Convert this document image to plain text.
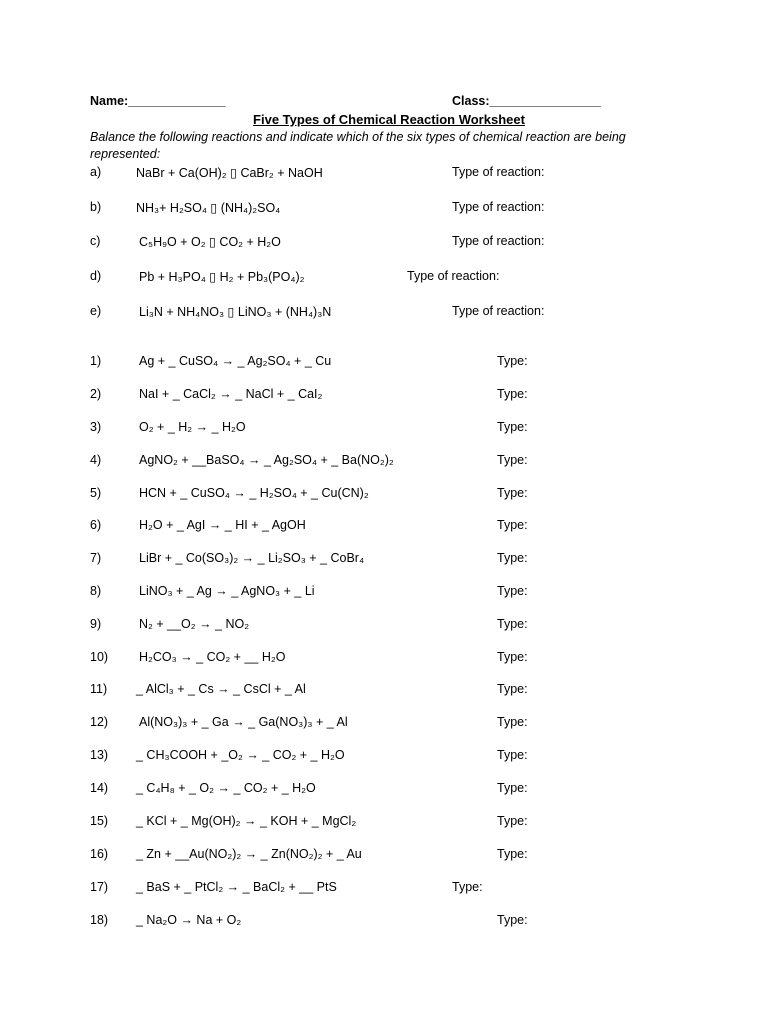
Name:______________	Class:________________
Five Types of Chemical Reaction Worksheet
Balance the following reactions and indicate which of the six types of chemical reaction are being represented:
a)	NaBr + Ca(OH)₂ ▯ CaBr₂ + NaOH	Type of reaction:
b)	NH₃+ H₂SO₄ ▯ (NH₄)₂SO₄	Type of reaction:
c)	C₅H₉O + O₂ ▯ CO₂ + H₂O	Type of reaction:
d)	Pb + H₃PO₄ ▯ H₂ + Pb₃(PO₄)₂	Type of reaction:
e)	Li₃N + NH₄NO₃ ▯ LiNO₃ + (NH₄)₃N	Type of reaction:
1)	Ag + _ CuSO₄ → _ Ag₂SO₄ + _ Cu	Type:
2)	NaI + _ CaCl₂ → _ NaCl + _ CaI₂	Type:
3)	O₂ + _ H₂ → _ H₂O	Type:
4)	AgNO₂ + __BaSO₄ → _ Ag₂SO₄ + _ Ba(NO₂)₂	Type:
5)	HCN + _ CuSO₄ → _ H₂SO₄ + _ Cu(CN)₂	Type:
6)	H₂O + _ AgI → _ HI + _ AgOH	Type:
7)	LiBr + _ Co(SO₃)₂ → _ Li₂SO₃ + _ CoBr₄	Type:
8)	LiNO₃ + _ Ag → _ AgNO₃ + _ Li	Type:
9)	N₂ + __O₂ → _ NO₂	Type:
10) H₂CO₃ → _ CO₂ + __ H₂O	Type:
11) _ AlCl₃ + _ Cs → _ CsCl + _ Al	Type:
12) Al(NO₃)₃ + _ Ga → _ Ga(NO₃)₃ + _ Al	Type:
13) _ CH₃COOH + _O₂ → _ CO₂ + _ H₂O	Type:
14) _ C₄H₈ + _ O₂ → _ CO₂ + _ H₂O	Type:
15) _ KCl + _ Mg(OH)₂ → _ KOH + _ MgCl₂	Type:
16) _ Zn + __Au(NO₂)₂ → _ Zn(NO₂)₂ + _ Au	Type:
17) _ BaS + _ PtCl₂ → _ BaCl₂ + __ PtS	Type:
18) _ Na₂O → Na + O₂	Type:
